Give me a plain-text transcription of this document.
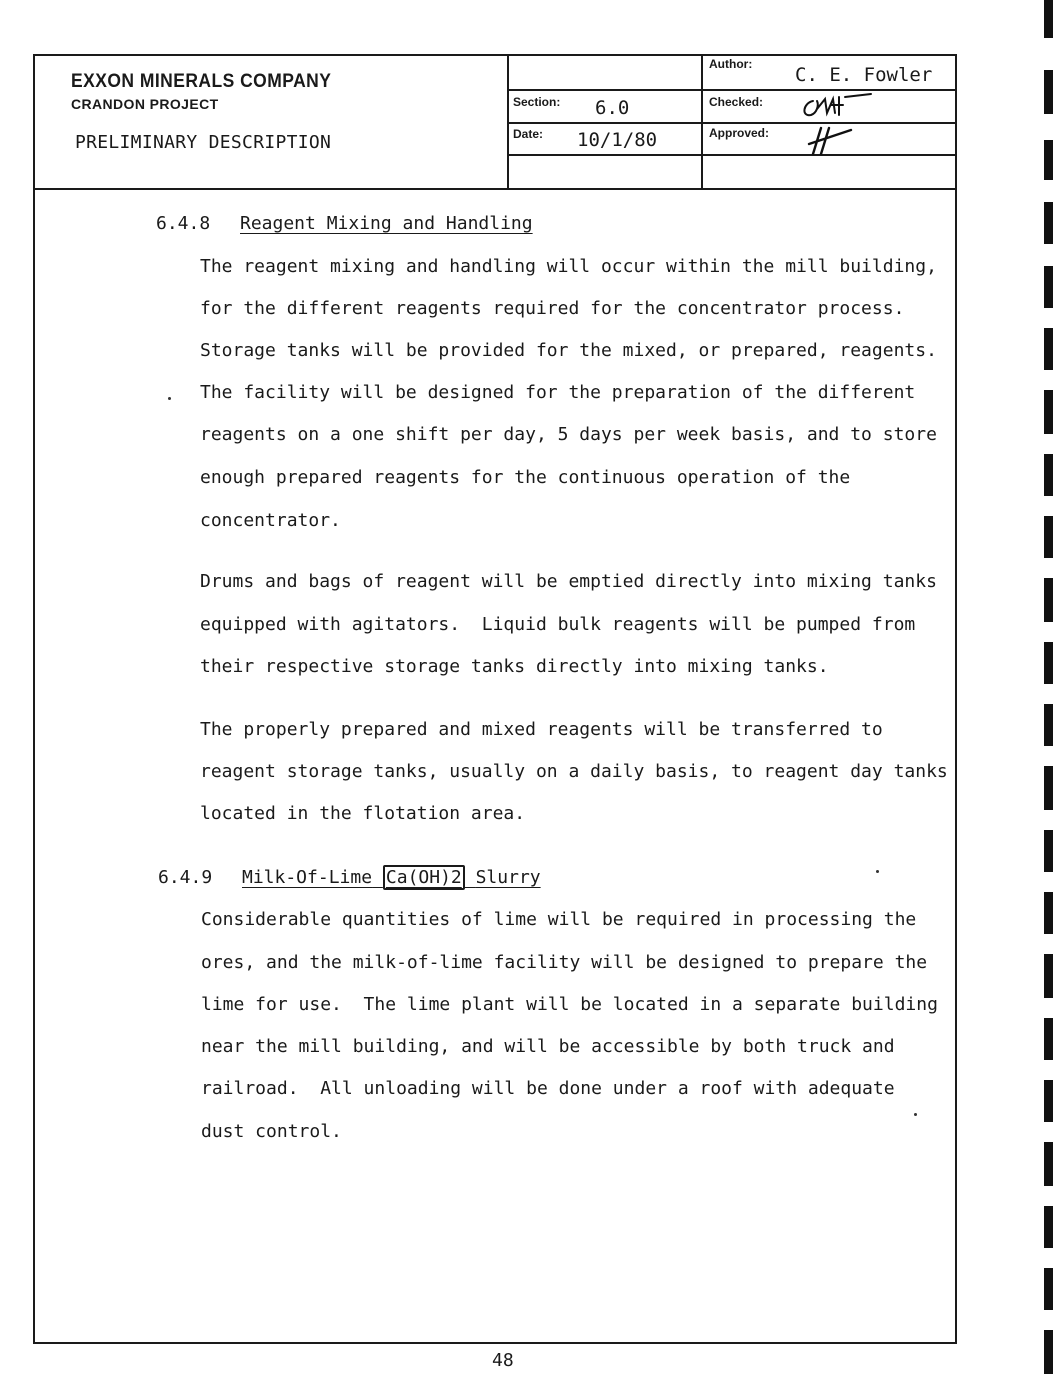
EXXON MINERALS COMPANY
CRANDON PROJECT
PRELIMINARY DESCRIPTION
Section: 6.0
Date: 10/1/80
Author: C. E. Fowler
Checked:
Approved:
6.4.8 Reagent Mixing and Handling
The reagent mixing and handling will occur within the mill building,
for the different reagents required for the concentrator process.
Storage tanks will be provided for the mixed, or prepared, reagents.
The facility will be designed for the preparation of the different
reagents on a one shift per day, 5 days per week basis, and to store
enough prepared reagents for the continuous operation of the
concentrator.
Drums and bags of reagent will be emptied directly into mixing tanks
equipped with agitators.  Liquid bulk reagents will be pumped from
their respective storage tanks directly into mixing tanks.
The properly prepared and mixed reagents will be transferred to
reagent storage tanks, usually on a daily basis, to reagent day tanks
located in the flotation area.
6.4.9 Milk-Of-Lime Ca(OH)2 Slurry
Considerable quantities of lime will be required in processing the
ores, and the milk-of-lime facility will be designed to prepare the
lime for use.  The lime plant will be located in a separate building
near the mill building, and will be accessible by both truck and
railroad.  All unloading will be done under a roof with adequate
dust control.
48
